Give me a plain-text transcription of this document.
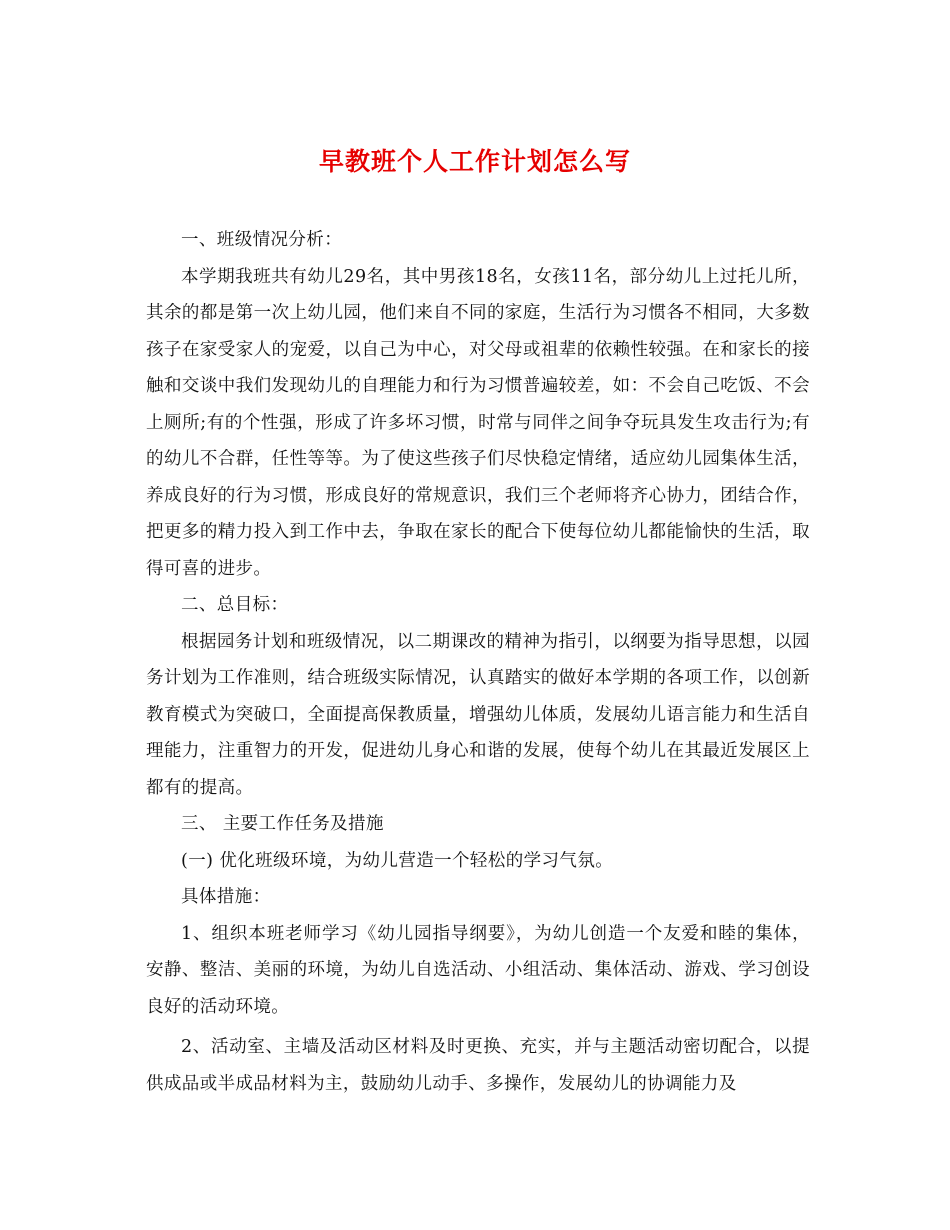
早教班个人工作计划怎么写

一、班级情况分析：

本学期我班共有幼儿29名，其中男孩18名，女孩11名，部分幼儿上过托儿所，其余的都是第一次上幼儿园，他们来自不同的家庭，生活行为习惯各不相同，大多数孩子在家受家人的宠爱，以自己为中心，对父母或祖辈的依赖性较强。在和家长的接触和交谈中我们发现幼儿的自理能力和行为习惯普遍较差，如：不会自己吃饭、不会上厕所;有的个性强，形成了许多坏习惯，时常与同伴之间争夺玩具发生攻击行为;有的幼儿不合群，任性等等。为了使这些孩子们尽快稳定情绪，适应幼儿园集体生活，养成良好的行为习惯，形成良好的常规意识，我们三个老师将齐心协力，团结合作，把更多的精力投入到工作中去，争取在家长的配合下使每位幼儿都能愉快的生活，取得可喜的进步。

二、总目标：

根据园务计划和班级情况，以二期课改的精神为指引，以纲要为指导思想，以园务计划为工作准则，结合班级实际情况，认真踏实的做好本学期的各项工作，以创新教育模式为突破口，全面提高保教质量，增强幼儿体质，发展幼儿语言能力和生活自理能力，注重智力的开发，促进幼儿身心和谐的发展，使每个幼儿在其最近发展区上都有的提高。

三、 主要工作任务及措施

(一) 优化班级环境，为幼儿营造一个轻松的学习气氛。

具体措施：

1、组织本班老师学习《幼儿园指导纲要》，为幼儿创造一个友爱和睦的集体，安静、整洁、美丽的环境，为幼儿自选活动、小组活动、集体活动、游戏、学习创设良好的活动环境。

2、活动室、主墙及活动区材料及时更换、充实，并与主题活动密切配合，以提供成品或半成品材料为主，鼓励幼儿动手、多操作，发展幼儿的协调能力及
